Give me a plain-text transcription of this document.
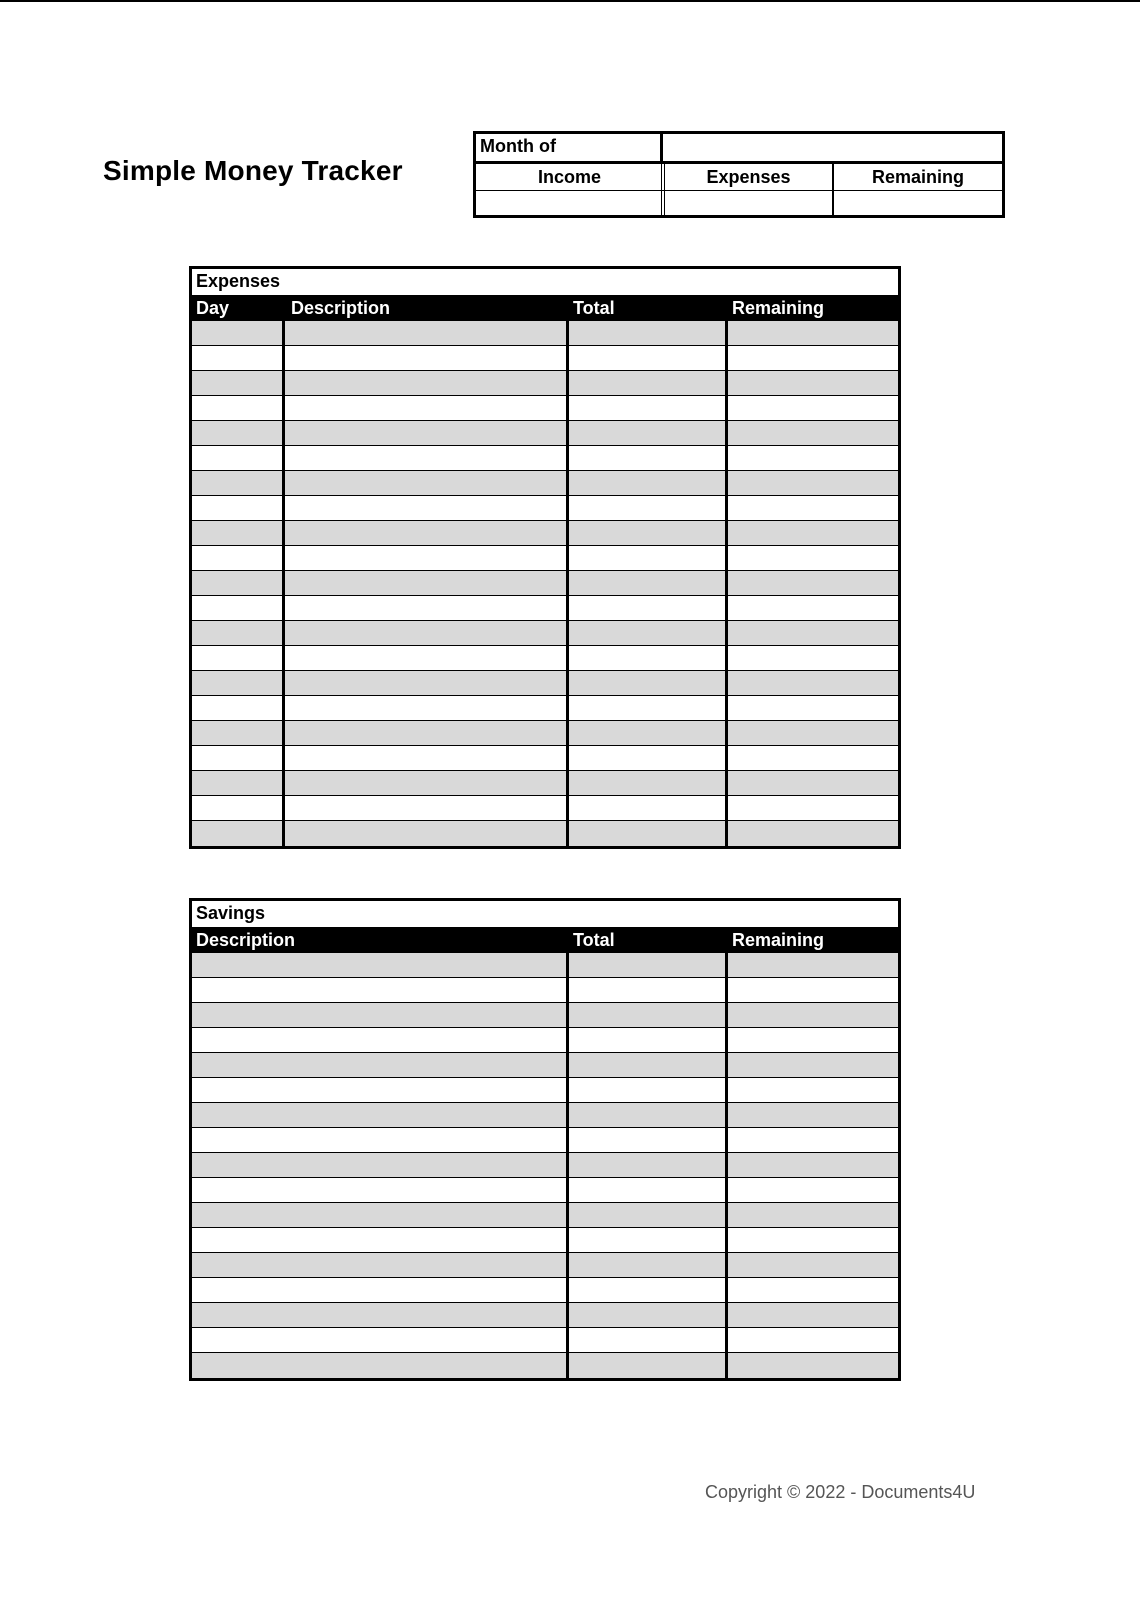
Simple Money Tracker
Month of
Income	Expenses	Remaining
Expenses
Day	Description	Total	Remaining
Savings
Description	Total	Remaining
Copyright © 2022 - Documents4U
